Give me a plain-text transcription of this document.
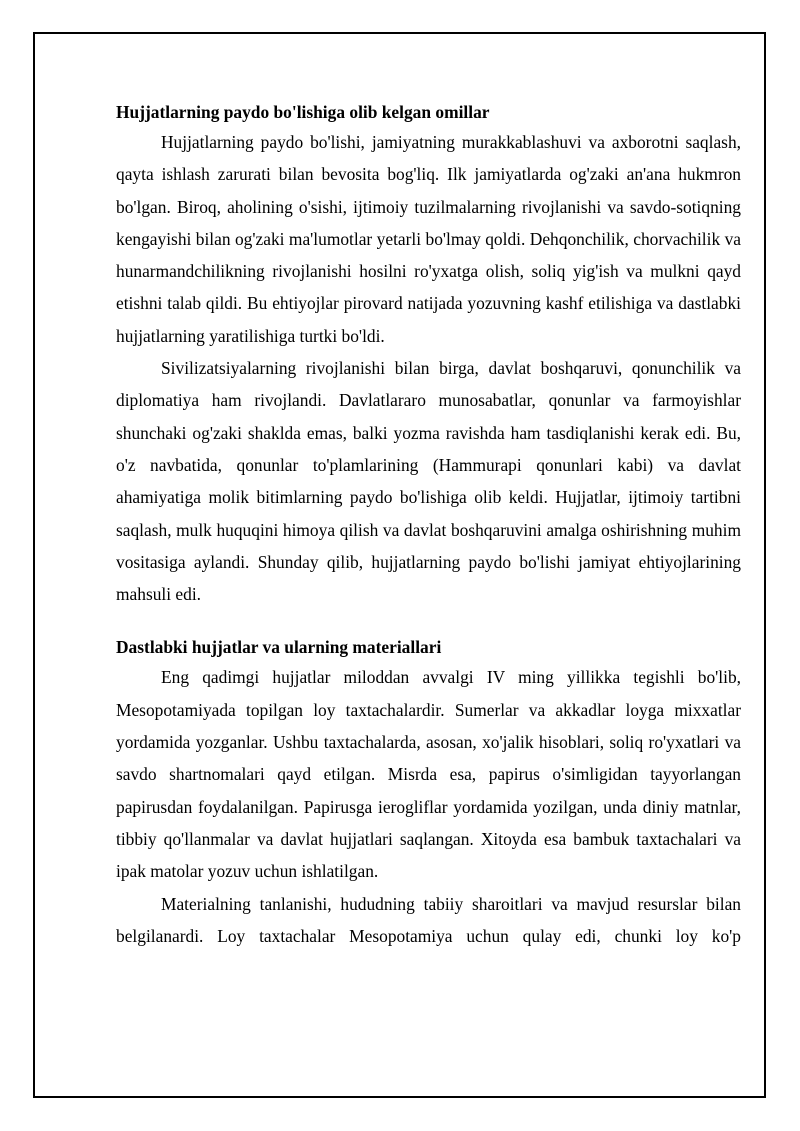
Hujjatlarning paydo bo'lishiga olib kelgan omillar

Hujjatlarning paydo bo'lishi, jamiyatning murakkablashuvi va axborotni saqlash, qayta ishlash zarurati bilan bevosita bog'liq. Ilk jamiyatlarda og'zaki an'ana hukmron bo'lgan. Biroq, aholining o'sishi, ijtimoiy tuzilmalarning rivojlanishi va savdo-sotiqning kengayishi bilan og'zaki ma'lumotlar yetarli bo'lmay qoldi. Dehqonchilik, chorvachilik va hunarmandchilikning rivojlanishi hosilni ro'yxatga olish, soliq yig'ish va mulkni qayd etishni talab qildi. Bu ehtiyojlar pirovard natijada yozuvning kashf etilishiga va dastlabki hujjatlarning yaratilishiga turtki bo'ldi.

Sivilizatsiyalarning rivojlanishi bilan birga, davlat boshqaruvi, qonunchilik va diplomatiya ham rivojlandi. Davlatlararo munosabatlar, qonunlar va farmoyishlar shunchaki og'zaki shaklda emas, balki yozma ravishda ham tasdiqlanishi kerak edi. Bu, o'z navbatida, qonunlar to'plamlarining (Hammurapi qonunlari kabi) va davlat ahamiyatiga molik bitimlarning paydo bo'lishiga olib keldi. Hujjatlar, ijtimoiy tartibni saqlash, mulk huquqini himoya qilish va davlat boshqaruvini amalga oshirishning muhim vositasiga aylandi. Shunday qilib, hujjatlarning paydo bo'lishi jamiyat ehtiyojlarining mahsuli edi.

Dastlabki hujjatlar va ularning materiallari

Eng qadimgi hujjatlar miloddan avvalgi IV ming yillikka tegishli bo'lib, Mesopotamiyada topilgan loy taxtachalardir. Sumerlar va akkadlar loyga mixxatlar yordamida yozganlar. Ushbu taxtachalarda, asosan, xo'jalik hisoblari, soliq ro'yxatlari va savdo shartnomalari qayd etilgan. Misrda esa, papirus o'simligidan tayyorlangan papirusdan foydalanilgan. Papirusga ierogliflar yordamida yozilgan, unda diniy matnlar, tibbiy qo'llanmalar va davlat hujjatlari saqlangan. Xitoyda esa bambuk taxtachalari va ipak matolar yozuv uchun ishlatilgan.

Materialning tanlanishi, hududning tabiiy sharoitlari va mavjud resurslar bilan belgilanardi. Loy taxtachalar Mesopotamiya uchun qulay edi, chunki loy ko'p
